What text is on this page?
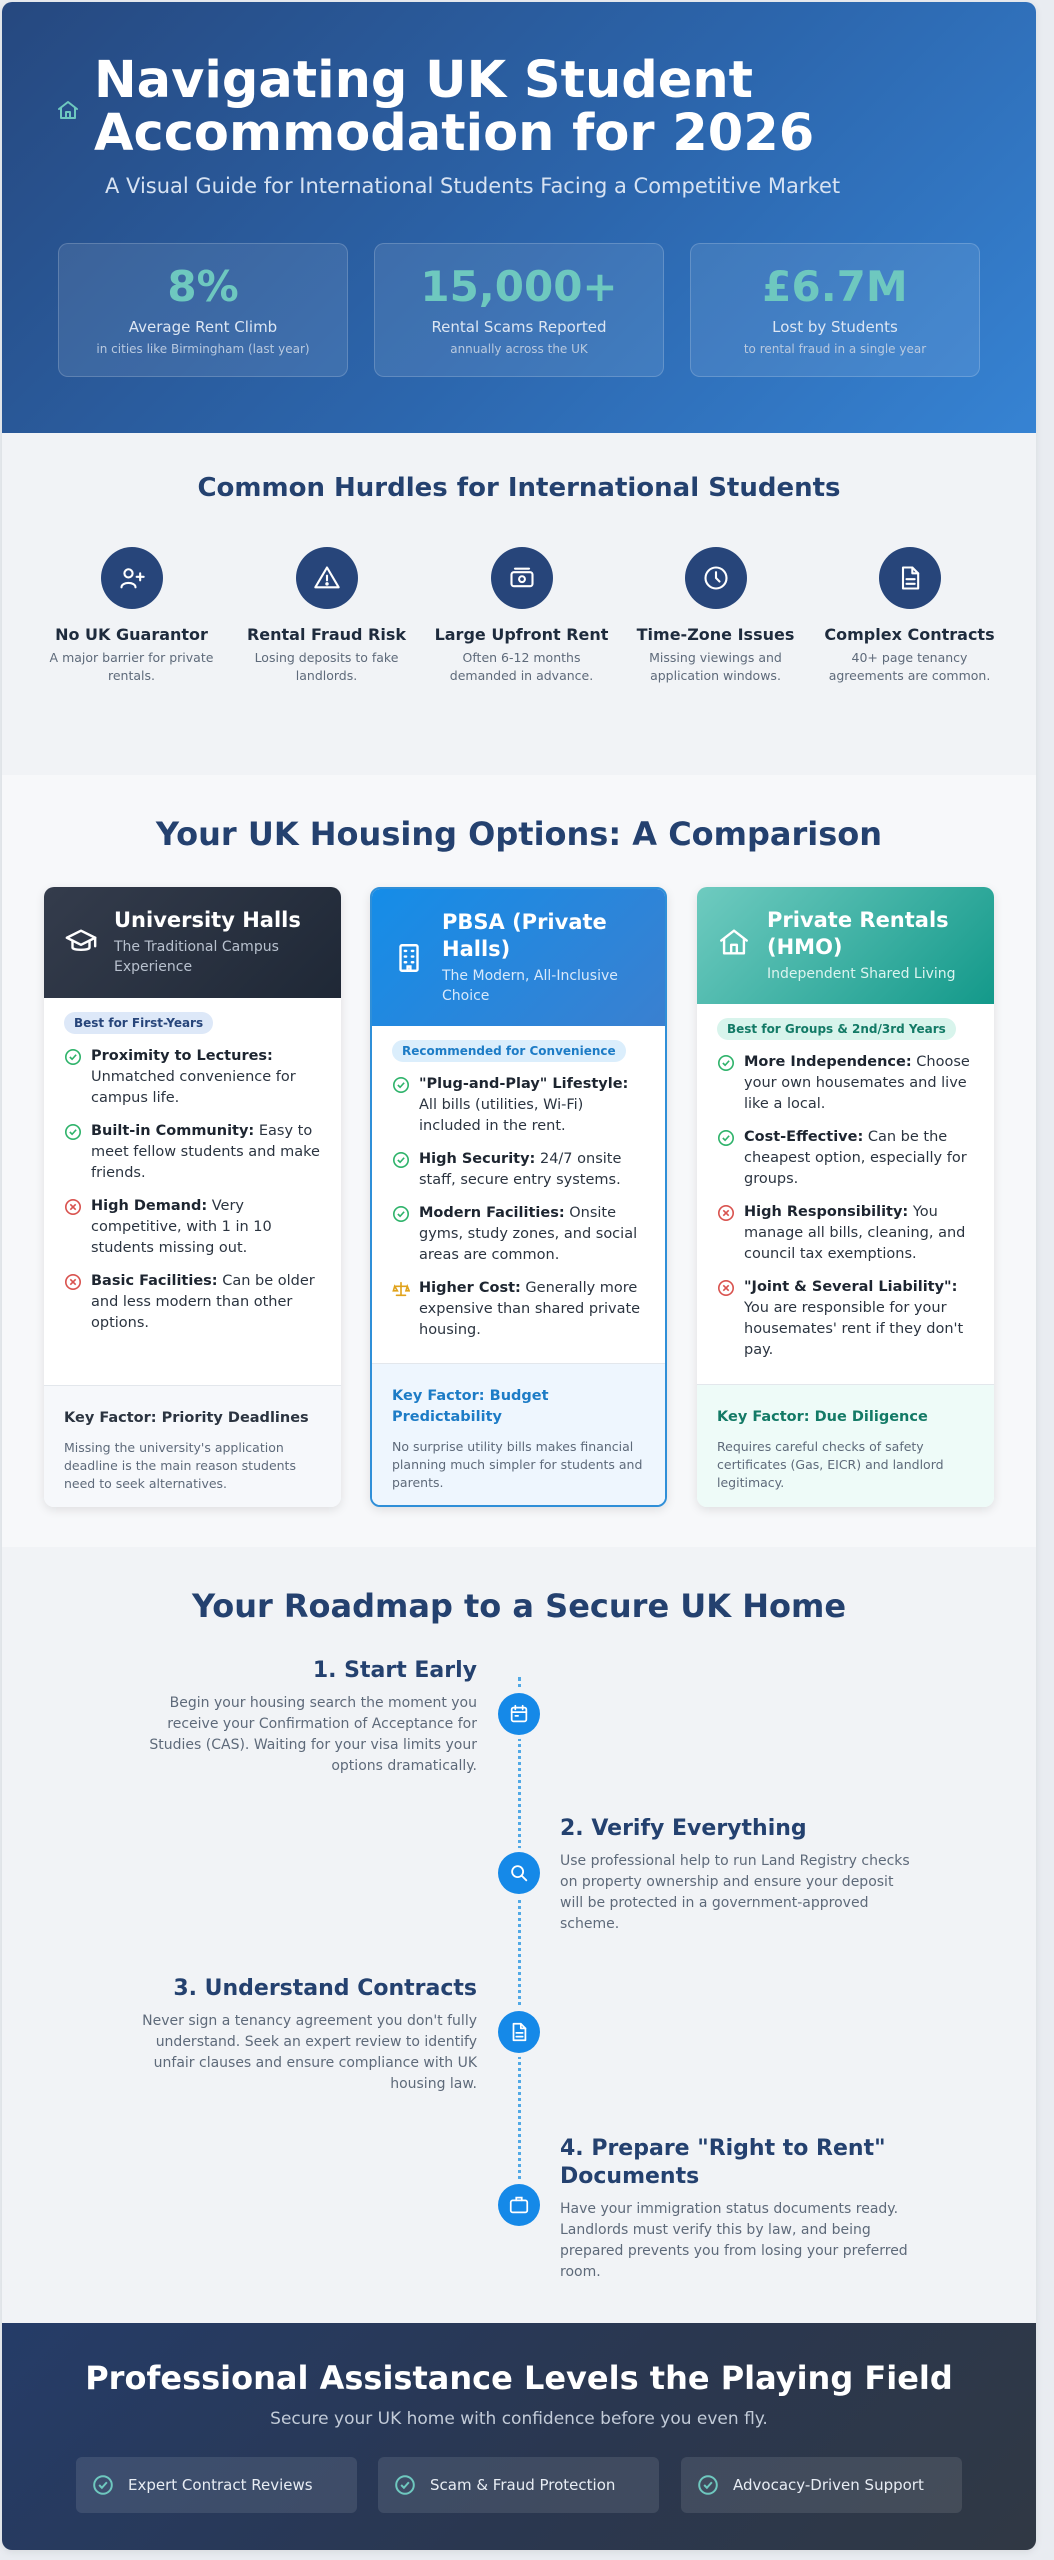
Navigating UK Student Accommodation for 2026
A Visual Guide for International Students Facing a Competitive Market
8%
Average Rent Climb
in cities like Birmingham (last year)
15,000+
Rental Scams Reported
annually across the UK
£6.7M
Lost by Students
to rental fraud in a single year
Common Hurdles for International Students
No UK Guarantor
A major barrier for private rentals.
Rental Fraud Risk
Losing deposits to fake landlords.
Large Upfront Rent
Often 6-12 months demanded in advance.
Time-Zone Issues
Missing viewings and application windows.
Complex Contracts
40+ page tenancy agreements are common.
Your UK Housing Options: A Comparison
University Halls
The Traditional Campus Experience
Best for First-Years
Proximity to Lectures: Unmatched convenience for campus life.
Built-in Community: Easy to meet fellow students and make friends.
High Demand: Very competitive, with 1 in 10 students missing out.
Basic Facilities: Can be older and less modern than other options.
Key Factor: Priority Deadlines
Missing the university's application deadline is the main reason students need to seek alternatives.
PBSA (Private Halls)
The Modern, All-Inclusive Choice
Recommended for Convenience
"Plug-and-Play" Lifestyle: All bills (utilities, Wi-Fi) included in the rent.
High Security: 24/7 onsite staff, secure entry systems.
Modern Facilities: Onsite gyms, study zones, and social areas are common.
Higher Cost: Generally more expensive than shared private housing.
Key Factor: Budget Predictability
No surprise utility bills makes financial planning much simpler for students and parents.
Private Rentals (HMO)
Independent Shared Living
Best for Groups & 2nd/3rd Years
More Independence: Choose your own housemates and live like a local.
Cost-Effective: Can be the cheapest option, especially for groups.
High Responsibility: You manage all bills, cleaning, and council tax exemptions.
"Joint & Several Liability": You are responsible for your housemates' rent if they don't pay.
Key Factor: Due Diligence
Requires careful checks of safety certificates (Gas, EICR) and landlord legitimacy.
Your Roadmap to a Secure UK Home
1. Start Early
Begin your housing search the moment you receive your Confirmation of Acceptance for Studies (CAS). Waiting for your visa limits your options dramatically.
2. Verify Everything
Use professional help to run Land Registry checks on property ownership and ensure your deposit will be protected in a government-approved scheme.
3. Understand Contracts
Never sign a tenancy agreement you don't fully understand. Seek an expert review to identify unfair clauses and ensure compliance with UK housing law.
4. Prepare "Right to Rent" Documents
Have your immigration status documents ready. Landlords must verify this by law, and being prepared prevents you from losing your preferred room.
Professional Assistance Levels the Playing Field
Secure your UK home with confidence before you even fly.
Expert Contract Reviews	Scam & Fraud Protection	Advocacy-Driven Support
